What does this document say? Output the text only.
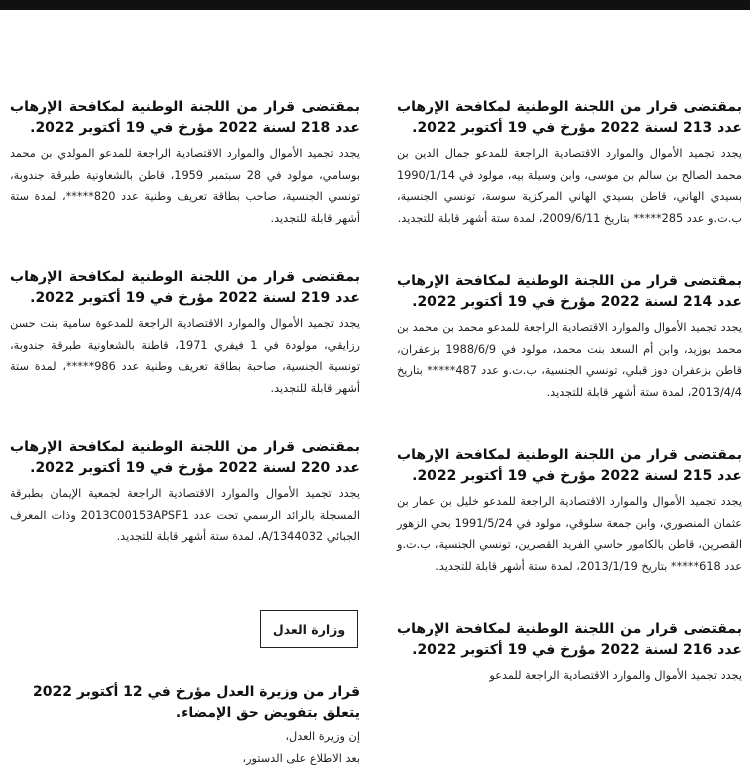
بمقتضى قرار من اللجنة الوطنية لمكافحة الإرهاب عدد 213 لسنة 2022 مؤرخ في 19 أكتوبر 2022.

يجدد تجميد الأموال والموارد الاقتصادية الراجعة للمدعو جمال الدين بن محمد الصالح بن سالم بن موسى، وابن وسيلة بيه، مولود في 1990/1/14 بسيدي الهاني، قاطن بسيدي الهاني المركزية سوسة، تونسي الجنسية، ب.ت.و عدد 285***** بتاريخ 2009/6/11، لمدة ستة أشهر قابلة للتجديد.

بمقتضى قرار من اللجنة الوطنية لمكافحة الإرهاب عدد 214 لسنة 2022 مؤرخ في 19 أكتوبر 2022.

يجدد تجميد الأموال والموارد الاقتصادية الراجعة للمدعو محمد بن محمد بن محمد بوزيد، وابن أم السعد بنت محمد، مولود في 1988/6/9 بزعفران، قاطن بزعفران دوز قبلي، تونسي الجنسية، ب.ت.و عدد 487***** بتاريخ 2013/4/4، لمدة ستة أشهر قابلة للتجديد.

بمقتضى قرار من اللجنة الوطنية لمكافحة الإرهاب عدد 215 لسنة 2022 مؤرخ في 19 أكتوبر 2022.

يجدد تجميد الأموال والموارد الاقتصادية الراجعة للمدعو خليل بن عمار بن عثمان المنصوري، وابن جمعة سلوقي، مولود في 1991/5/24 بحي الزهور القصرين، قاطن بالكامور حاسي الفريد القصرين، تونسي الجنسية، ب.ت.و عدد 618***** بتاريخ 2013/1/19، لمدة ستة أشهر قابلة للتجديد.

بمقتضى قرار من اللجنة الوطنية لمكافحة الإرهاب عدد 216 لسنة 2022 مؤرخ في 19 أكتوبر 2022.

يجدد تجميد الأموال والموارد الاقتصادية الراجعة للمدعو

بمقتضى قرار من اللجنة الوطنية لمكافحة الإرهاب عدد 218 لسنة 2022 مؤرخ في 19 أكتوبر 2022.

يجدد تجميد الأموال والموارد الاقتصادية الراجعة للمدعو المولدي بن محمد بوسامي، مولود في 28 سبتمبر 1959، قاطن بالشعاونية طبرقة جندوبة، تونسي الجنسية، صاحب بطاقة تعريف وطنية عدد 820*****، لمدة ستة أشهر قابلة للتجديد.

بمقتضى قرار من اللجنة الوطنية لمكافحة الإرهاب عدد 219 لسنة 2022 مؤرخ في 19 أكتوبر 2022.

يجدد تجميد الأموال والموارد الاقتصادية الراجعة للمدعوة سامية بنت حسن رزايقي، مولودة في 1 فيفري 1971، قاطنة بالشعاونية طبرقة جندوبة، تونسية الجنسية، صاحبة بطاقة تعريف وطنية عدد 986*****، لمدة ستة أشهر قابلة للتجديد.

بمقتضى قرار من اللجنة الوطنية لمكافحة الإرهاب عدد 220 لسنة 2022 مؤرخ في 19 أكتوبر 2022.

يجدد تجميد الأموال والموارد الاقتصادية الراجعة لجمعية الإيمان بطبرقة المسجلة بالرائد الرسمي تحت عدد 2013C00153APSF1 وذات المعرف الجبائي A/1344032، لمدة ستة أشهر قابلة للتجديد.

وزارة العدل

قرار من وزيرة العدل مؤرخ في 12 أكتوبر 2022 يتعلق بتفويض حق الإمضاء.

إن وزيرة العدل،

بعد الاطلاع على الدستور،
